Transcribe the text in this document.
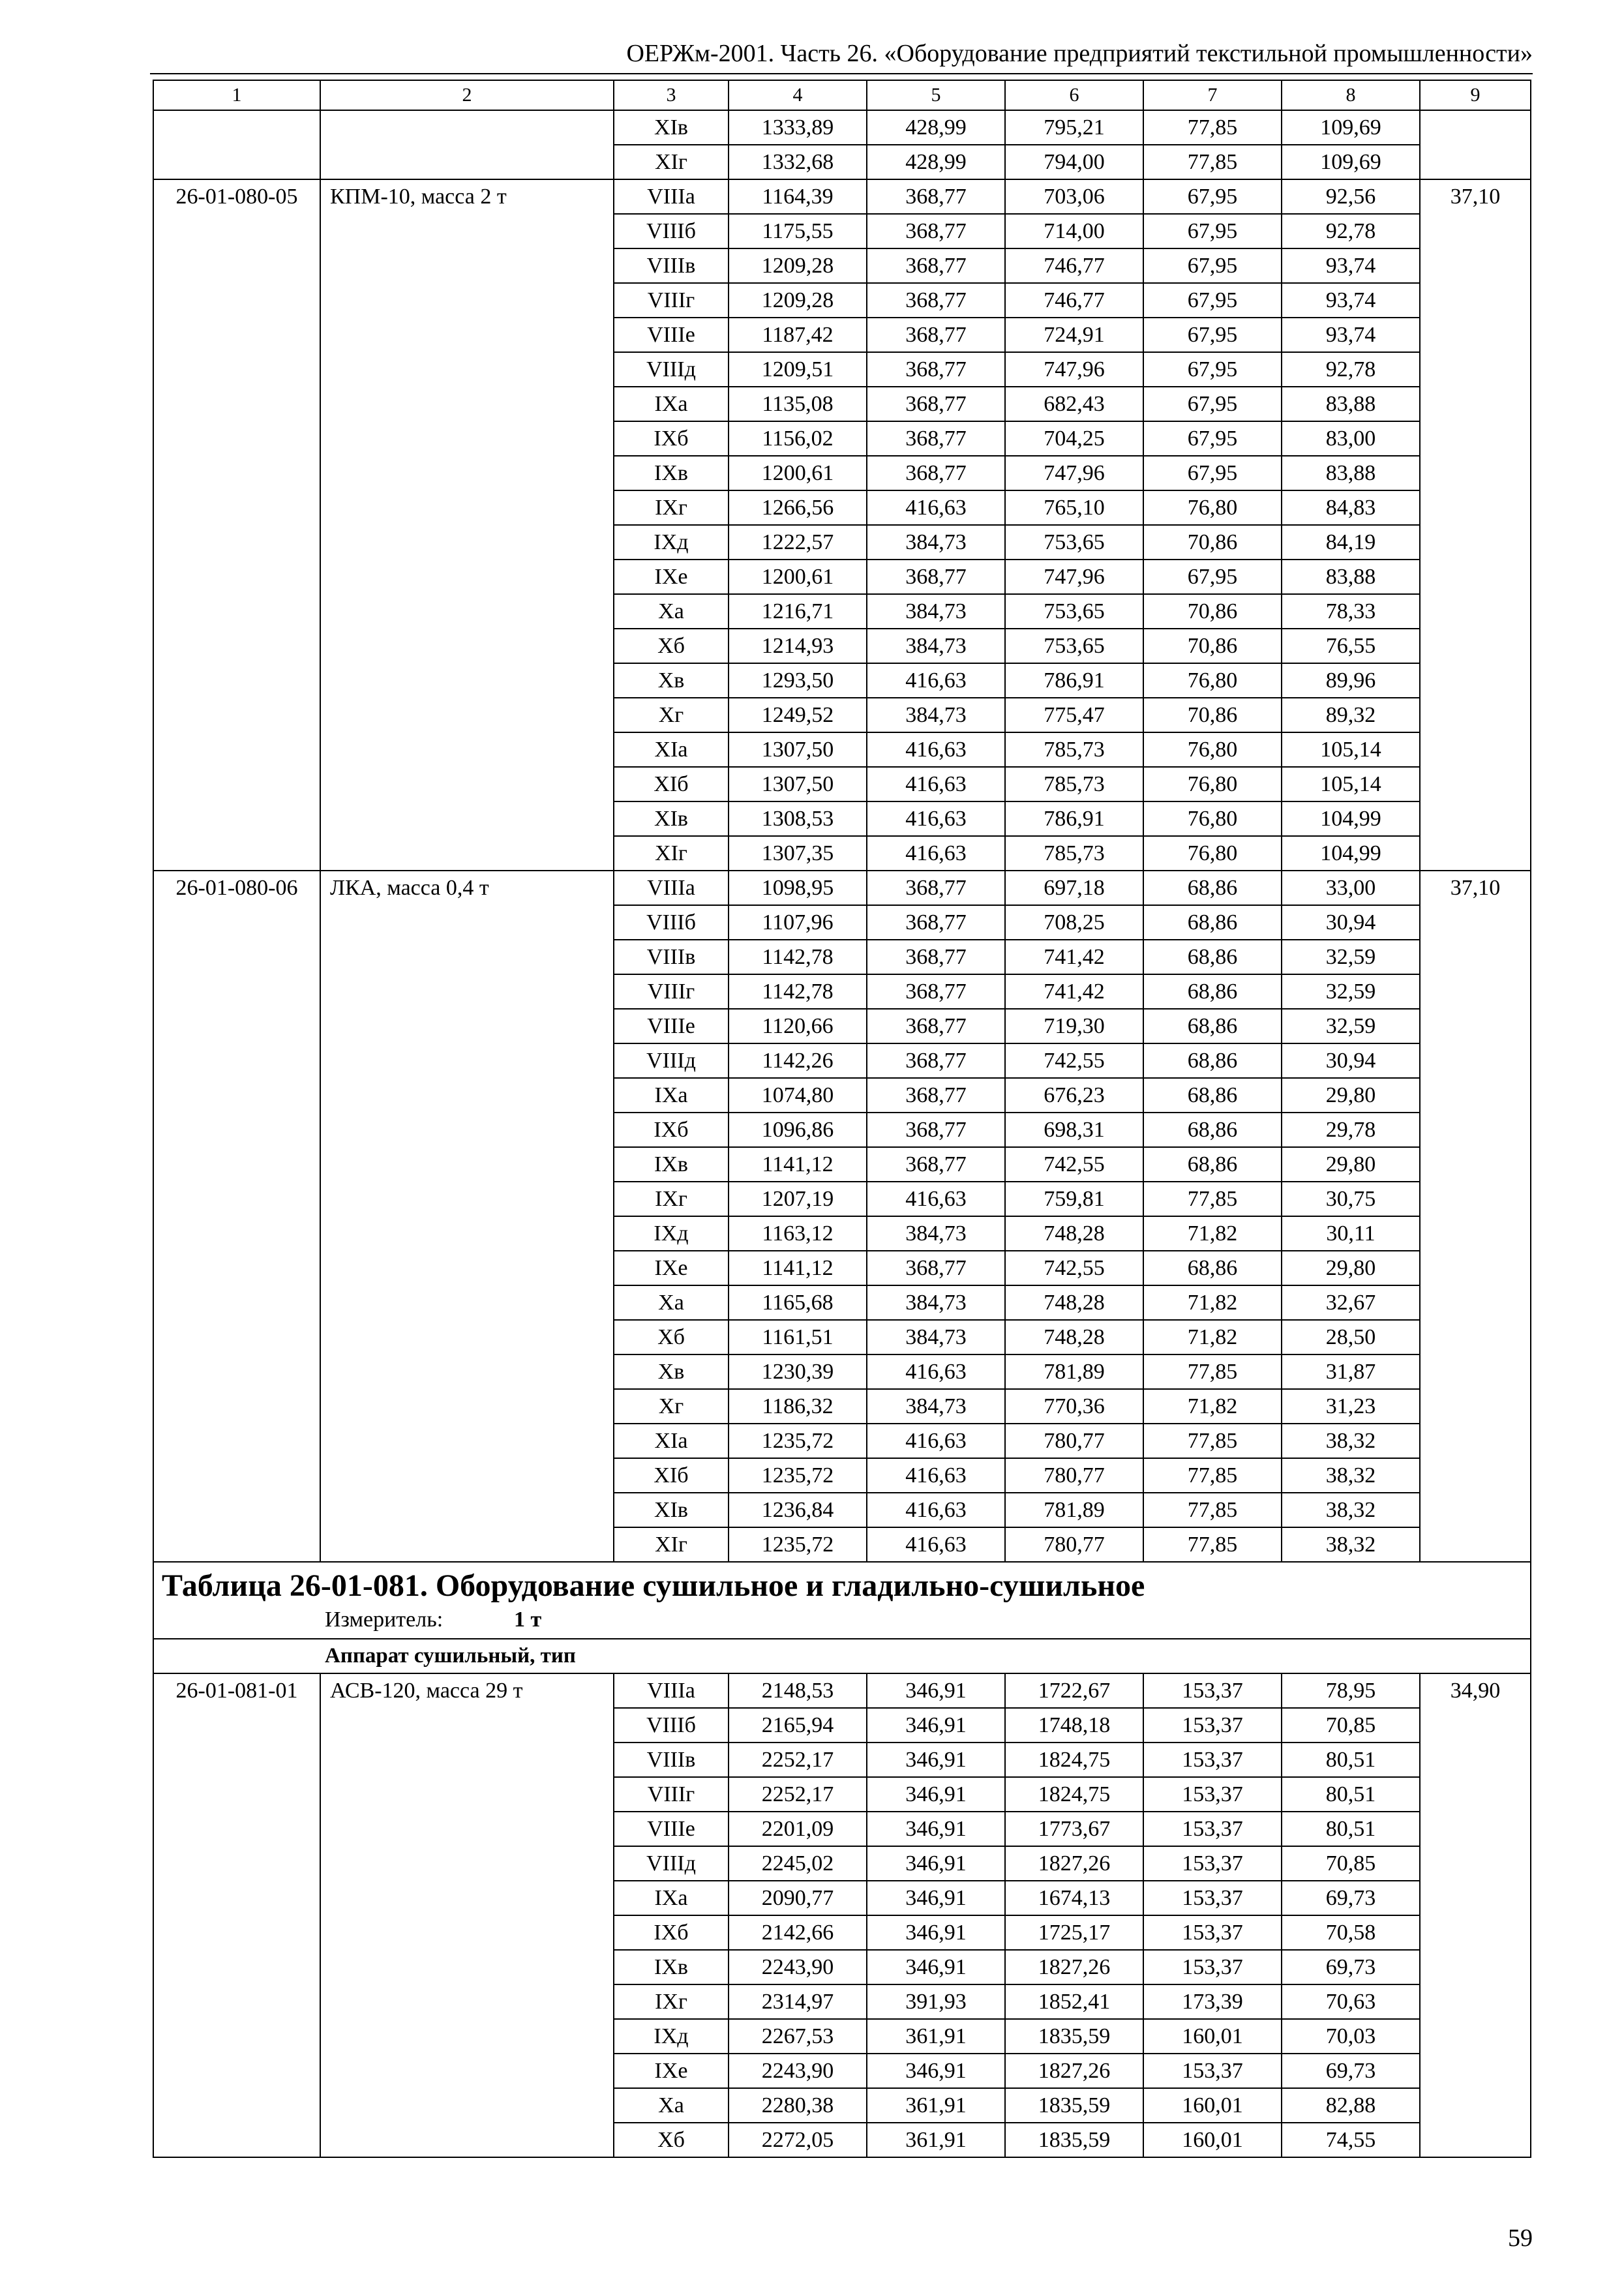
ОЕРЖм-2001. Часть 26. «Оборудование предприятий текстильной промышленности»
1	2	3	4	5	6	7	8	9
		XIв	1333,89	428,99	795,21	77,85	109,69	
		XIг	1332,68	428,99	794,00	77,85	109,69	
26-01-080-05	КПМ-10, масса 2 т	VIIIа	1164,39	368,77	703,06	67,95	92,56	37,10
		VIIIб	1175,55	368,77	714,00	67,95	92,78	
		VIIIв	1209,28	368,77	746,77	67,95	93,74	
		VIIIг	1209,28	368,77	746,77	67,95	93,74	
		VIIIе	1187,42	368,77	724,91	67,95	93,74	
		VIIIд	1209,51	368,77	747,96	67,95	92,78	
		IXа	1135,08	368,77	682,43	67,95	83,88	
		IXб	1156,02	368,77	704,25	67,95	83,00	
		IXв	1200,61	368,77	747,96	67,95	83,88	
		IXг	1266,56	416,63	765,10	76,80	84,83	
		IXд	1222,57	384,73	753,65	70,86	84,19	
		IXе	1200,61	368,77	747,96	67,95	83,88	
		Xа	1216,71	384,73	753,65	70,86	78,33	
		Xб	1214,93	384,73	753,65	70,86	76,55	
		Xв	1293,50	416,63	786,91	76,80	89,96	
		Xг	1249,52	384,73	775,47	70,86	89,32	
		XIа	1307,50	416,63	785,73	76,80	105,14	
		XIб	1307,50	416,63	785,73	76,80	105,14	
		XIв	1308,53	416,63	786,91	76,80	104,99	
		XIг	1307,35	416,63	785,73	76,80	104,99	
26-01-080-06	ЛКА, масса 0,4 т	VIIIа	1098,95	368,77	697,18	68,86	33,00	37,10
		VIIIб	1107,96	368,77	708,25	68,86	30,94	
		VIIIв	1142,78	368,77	741,42	68,86	32,59	
		VIIIг	1142,78	368,77	741,42	68,86	32,59	
		VIIIе	1120,66	368,77	719,30	68,86	32,59	
		VIIIд	1142,26	368,77	742,55	68,86	30,94	
		IXа	1074,80	368,77	676,23	68,86	29,80	
		IXб	1096,86	368,77	698,31	68,86	29,78	
		IXв	1141,12	368,77	742,55	68,86	29,80	
		IXг	1207,19	416,63	759,81	77,85	30,75	
		IXд	1163,12	384,73	748,28	71,82	30,11	
		IXе	1141,12	368,77	742,55	68,86	29,80	
		Xа	1165,68	384,73	748,28	71,82	32,67	
		Xб	1161,51	384,73	748,28	71,82	28,50	
		Xв	1230,39	416,63	781,89	77,85	31,87	
		Xг	1186,32	384,73	770,36	71,82	31,23	
		XIа	1235,72	416,63	780,77	77,85	38,32	
		XIб	1235,72	416,63	780,77	77,85	38,32	
		XIв	1236,84	416,63	781,89	77,85	38,32	
		XIг	1235,72	416,63	780,77	77,85	38,32	

Таблица 26-01-081. Оборудование сушильное и гладильно-сушильное
Измеритель: 1 т								

Аппарат сушильный, тип								
26-01-081-01	АСВ-120, масса 29 т	VIIIа	2148,53	346,91	1722,67	153,37	78,95	34,90
		VIIIб	2165,94	346,91	1748,18	153,37	70,85	
		VIIIв	2252,17	346,91	1824,75	153,37	80,51	
		VIIIг	2252,17	346,91	1824,75	153,37	80,51	
		VIIIе	2201,09	346,91	1773,67	153,37	80,51	
		VIIIд	2245,02	346,91	1827,26	153,37	70,85	
		IXа	2090,77	346,91	1674,13	153,37	69,73	
		IXб	2142,66	346,91	1725,17	153,37	70,58	
		IXв	2243,90	346,91	1827,26	153,37	69,73	
		IXг	2314,97	391,93	1852,41	173,39	70,63	
		IXд	2267,53	361,91	1835,59	160,01	70,03	
		IXе	2243,90	346,91	1827,26	153,37	69,73	
		Xа	2280,38	361,91	1835,59	160,01	82,88	
		Xб	2272,05	361,91	1835,59	160,01	74,55	
59
